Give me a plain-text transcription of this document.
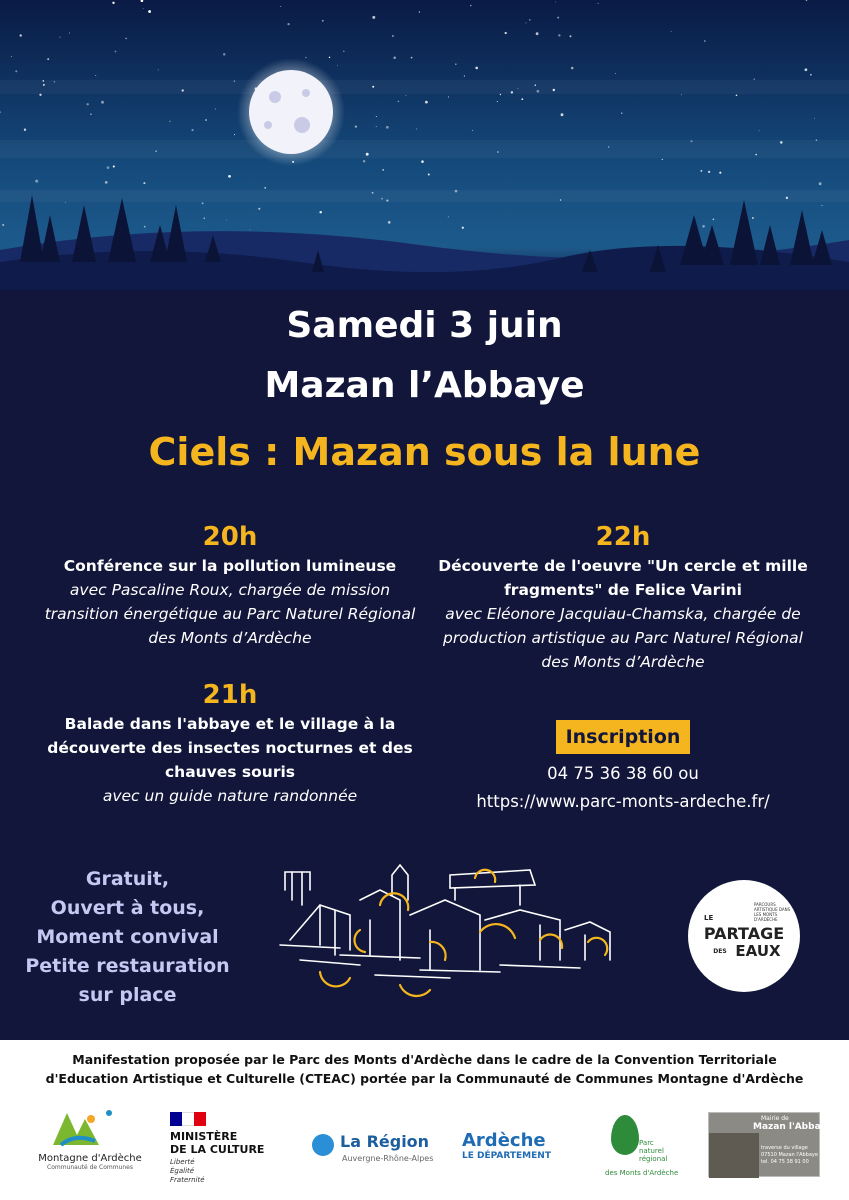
Samedi 3 juin
Mazan l’Abbaye
Ciels : Mazan sous la lune
20h
Conférence sur la pollution lumineuse
avec Pascaline Roux, chargée de mission transition énergétique au Parc Naturel Régional des Monts d’Ardèche
21h
Balade dans l'abbaye et le village à la découverte des insectes nocturnes et des chauves souris
avec un guide nature randonnée
22h
Découverte de l'oeuvre "Un cercle et mille fragments" de Felice Varini
avec Eléonore Jacquiau-Chamska, chargée de production artistique au Parc Naturel Régional des Monts d’Ardèche
Inscription
04 75 36 38 60 ou
https://www.parc-monts-ardeche.fr/
Gratuit,
Ouvert à tous,
Moment convival
Petite restauration
sur place
PARCOURS ARTISTIQUE DANS LES MONTS D'ARDÈCHE
LE
PARTAGE
DES EAUX
Manifestation proposée par le Parc des Monts d'Ardèche dans le cadre de la Convention Territoriale d'Education Artistique et Culturelle (CTEAC) portée par la Communauté de Communes Montagne d'Ardèche
Montagne d'Ardèche
Communauté de Communes
MINISTÈRE
DE LA CULTURE
Liberté
Égalité
Fraternité
La Région
Auvergne-Rhône-Alpes
Ardèche
LE DÉPARTEMENT
Parc
naturel
régional
des Monts d'Ardèche
Mairie de
Mazan l'Abbaye
traverse du village
07510 Mazan l'Abbaye
tel. 04 75 38 91 00
